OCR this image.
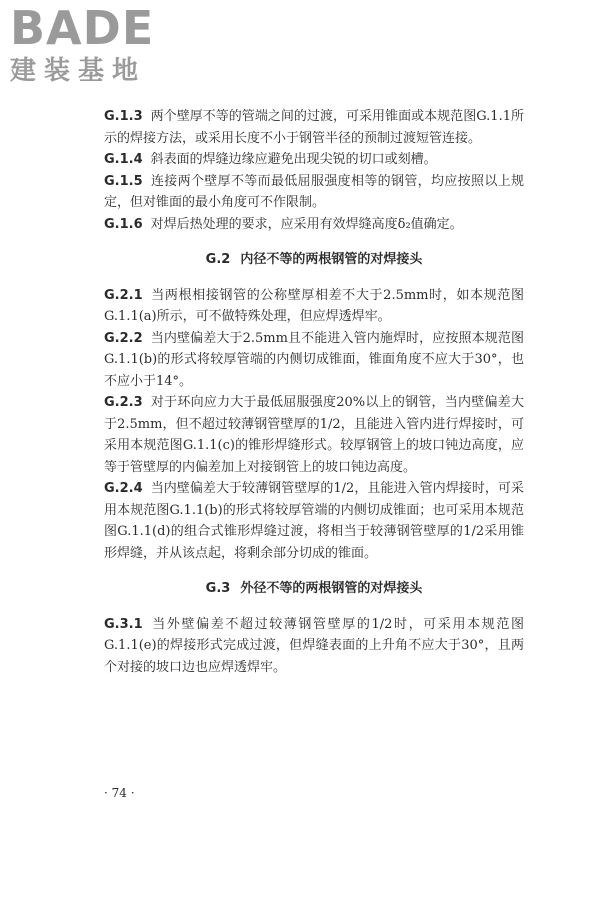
BADE
建装基地

G.1.3 两个壁厚不等的管端之间的过渡，可采用锥面或本规范图G.1.1所示的焊接方法，或采用长度不小于钢管半径的预制过渡短管连接。

G.1.4 斜表面的焊缝边缘应避免出现尖锐的切口或刻槽。

G.1.5 连接两个壁厚不等而最低屈服强度相等的钢管，均应按照以上规定，但对锥面的最小角度可不作限制。

G.1.6 对焊后热处理的要求，应采用有效焊缝高度δ₂值确定。

G.2 内径不等的两根钢管的对焊接头

G.2.1 当两根相接钢管的公称壁厚相差不大于2.5mm时，如本规范图G.1.1(a)所示，可不做特殊处理，但应焊透焊牢。

G.2.2 当内壁偏差大于2.5mm且不能进入管内施焊时，应按照本规范图G.1.1(b)的形式将较厚管端的内侧切成锥面，锥面角度不应大于30°，也不应小于14°。

G.2.3 对于环向应力大于最低屈服强度20%以上的钢管，当内壁偏差大于2.5mm，但不超过较薄钢管壁厚的1/2，且能进入管内进行焊接时，可采用本规范图G.1.1(c)的锥形焊缝形式。较厚钢管上的坡口钝边高度，应等于管壁厚的内偏差加上对接钢管上的坡口钝边高度。

G.2.4 当内壁偏差大于较薄钢管壁厚的1/2，且能进入管内焊接时，可采用本规范图G.1.1(b)的形式将较厚管端的内侧切成锥面；也可采用本规范图G.1.1(d)的组合式锥形焊缝过渡，将相当于较薄钢管壁厚的1/2采用锥形焊缝，并从该点起，将剩余部分切成的锥面。

G.3 外径不等的两根钢管的对焊接头

G.3.1 当外壁偏差不超过较薄钢管壁厚的1/2时，可采用本规范图G.1.1(e)的焊接形式完成过渡，但焊缝表面的上升角不应大于30°，且两个对接的坡口边也应焊透焊牢。

· 74 ·
